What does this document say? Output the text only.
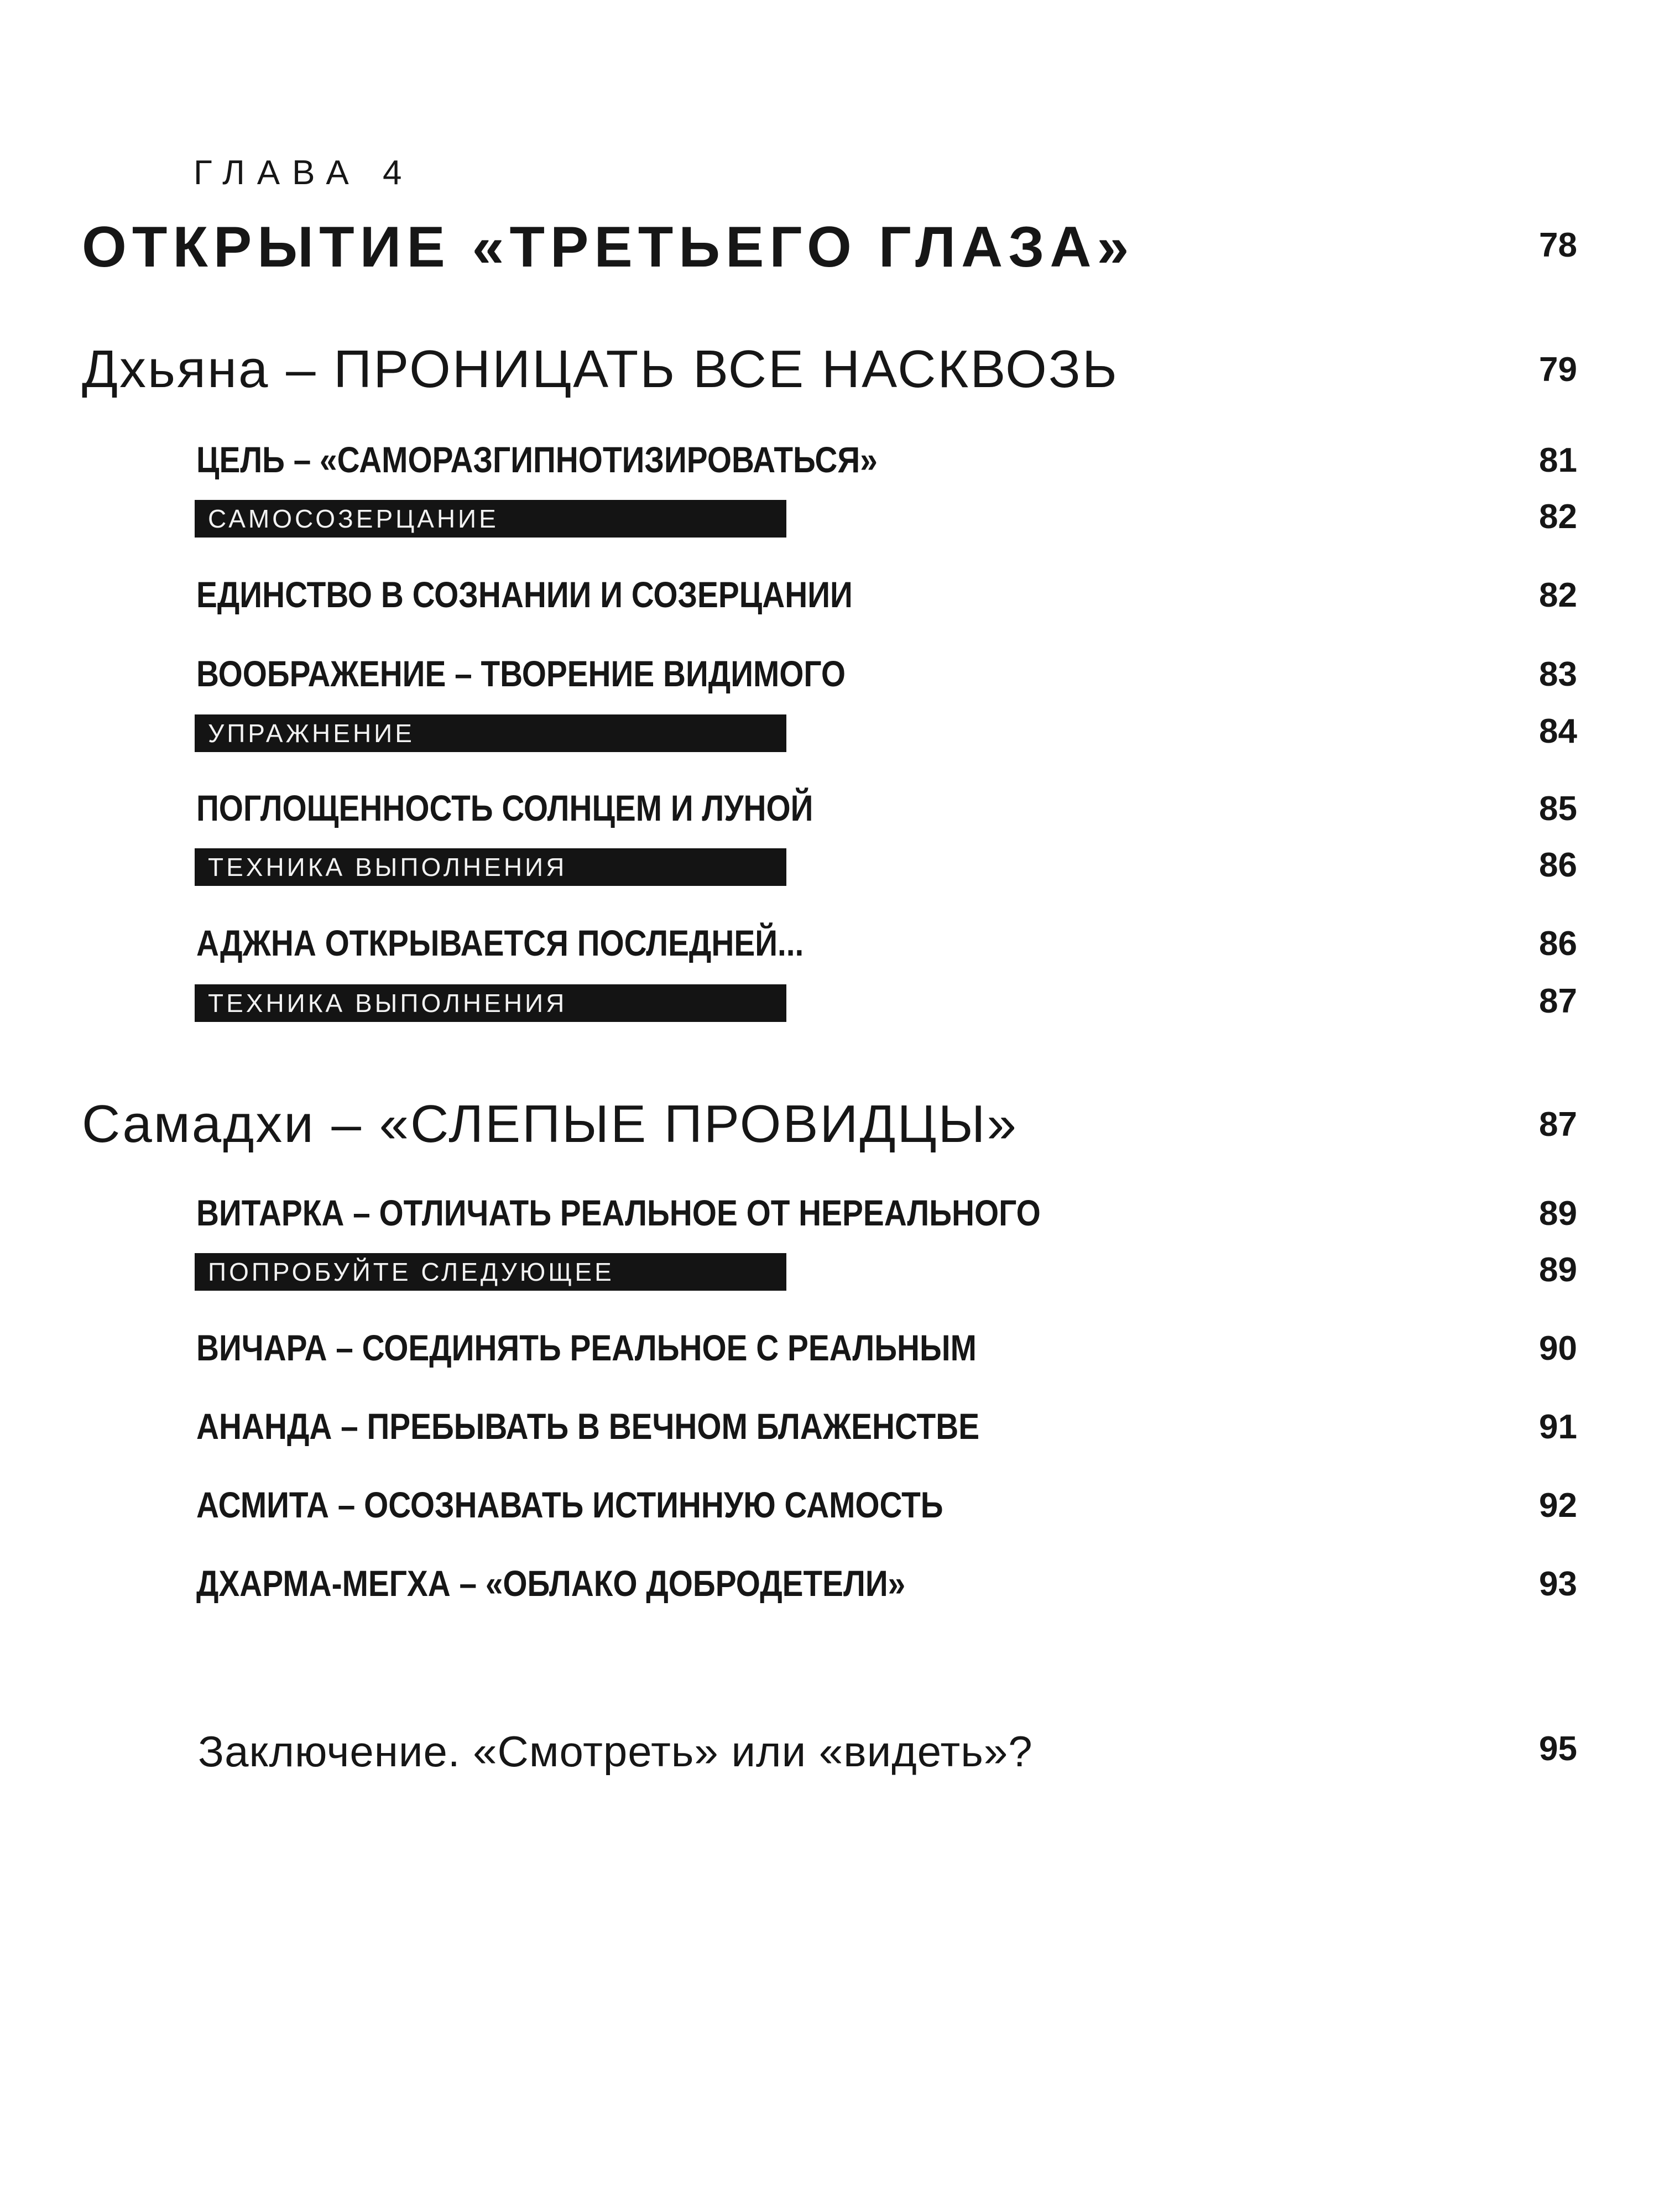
ГЛАВА 4
ОТКРЫТИЕ «ТРЕТЬЕГО ГЛАЗА»	78
Дхьяна – ПРОНИЦАТЬ ВСЕ НАСКВОЗЬ	79
ЦЕЛЬ – «САМОРАЗГИПНОТИЗИРОВАТЬСЯ»	81
САМОСОЗЕРЦАНИЕ	82
ЕДИНСТВО В СОЗНАНИИ И СОЗЕРЦАНИИ	82
ВООБРАЖЕНИЕ – ТВОРЕНИЕ ВИДИМОГО	83
УПРАЖНЕНИЕ	84
ПОГЛОЩЕННОСТЬ СОЛНЦЕМ И ЛУНОЙ	85
ТЕХНИКА ВЫПОЛНЕНИЯ	86
АДЖНА ОТКРЫВАЕТСЯ ПОСЛЕДНЕЙ...	86
ТЕХНИКА ВЫПОЛНЕНИЯ	87
Самадхи – «СЛЕПЫЕ ПРОВИДЦЫ»	87
ВИТАРКА – ОТЛИЧАТЬ РЕАЛЬНОЕ ОТ НЕРЕАЛЬНОГО	89
ПОПРОБУЙТЕ СЛЕДУЮЩЕЕ	89
ВИЧАРА – СОЕДИНЯТЬ РЕАЛЬНОЕ С РЕАЛЬНЫМ	90
АНАНДА – ПРЕБЫВАТЬ В ВЕЧНОМ БЛАЖЕНСТВЕ	91
АСМИТА – ОСОЗНАВАТЬ ИСТИННУЮ САМОСТЬ	92
ДХАРМА-МЕГХА – «ОБЛАКО ДОБРОДЕТЕЛИ»	93
Заключение. «Смотреть» или «видеть»?	95
